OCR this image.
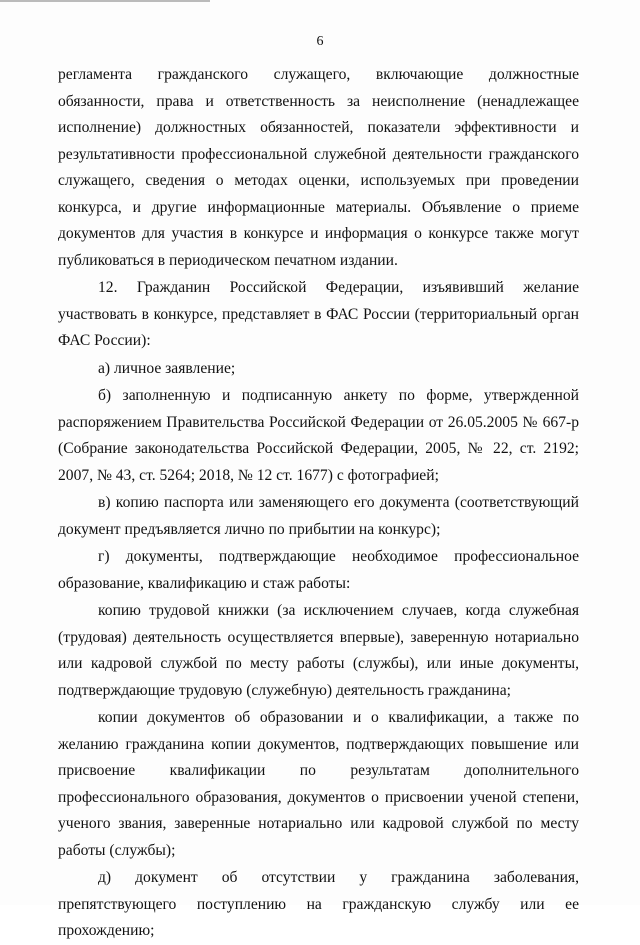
6

регламента гражданского служащего, включающие должностные обязанности, права и ответственность за неисполнение (ненадлежащее исполнение) должностных обязанностей, показатели эффективности и результативности профессиональной служебной деятельности гражданского служащего, сведения о методах оценки, используемых при проведении конкурса, и другие информационные материалы. Объявление о приеме документов для участия в конкурсе и информация о конкурсе также могут публиковаться в периодическом печатном издании.

12. Гражданин Российской Федерации, изъявивший желание участвовать в конкурсе, представляет в ФАС России (территориальный орган ФАС России):

а) личное заявление;

б) заполненную и подписанную анкету по форме, утвержденной распоряжением Правительства Российской Федерации от 26.05.2005 № 667-р (Собрание законодательства Российской Федерации, 2005, № 22, ст. 2192; 2007, № 43, ст. 5264; 2018, № 12 ст. 1677) с фотографией;

в) копию паспорта или заменяющего его документа (соответствующий документ предъявляется лично по прибытии на конкурс);

г) документы, подтверждающие необходимое профессиональное образование, квалификацию и стаж работы:

копию трудовой книжки (за исключением случаев, когда служебная (трудовая) деятельность осуществляется впервые), заверенную нотариально или кадровой службой по месту работы (службы), или иные документы, подтверждающие трудовую (служебную) деятельность гражданина;

копии документов об образовании и о квалификации, а также по желанию гражданина копии документов, подтверждающих повышение или присвоение квалификации по результатам дополнительного профессионального образования, документов о присвоении ученой степени, ученого звания, заверенные нотариально или кадровой службой по месту работы (службы);

д) документ об отсутствии у гражданина заболевания, препятствующего поступлению на гражданскую службу или ее прохождению;
